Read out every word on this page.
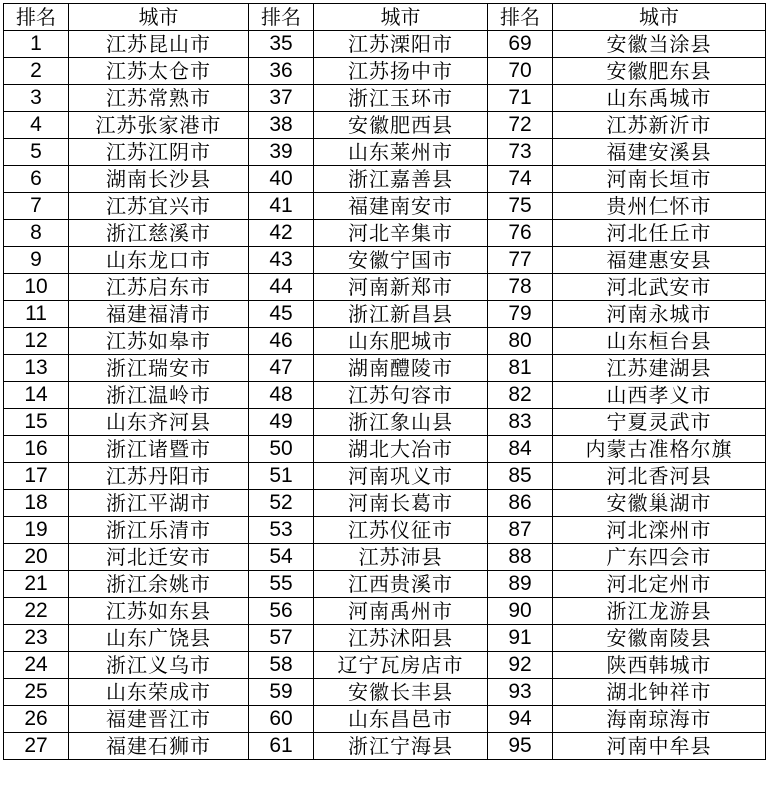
排名	城市	排名	城市	排名	城市
1	江苏昆山市	35	江苏溧阳市	69	安徽当涂县
2	江苏太仓市	36	江苏扬中市	70	安徽肥东县
3	江苏常熟市	37	浙江玉环市	71	山东禹城市
4	江苏张家港市	38	安徽肥西县	72	江苏新沂市
5	江苏江阴市	39	山东莱州市	73	福建安溪县
6	湖南长沙县	40	浙江嘉善县	74	河南长垣市
7	江苏宜兴市	41	福建南安市	75	贵州仁怀市
8	浙江慈溪市	42	河北辛集市	76	河北任丘市
9	山东龙口市	43	安徽宁国市	77	福建惠安县
10	江苏启东市	44	河南新郑市	78	河北武安市
11	福建福清市	45	浙江新昌县	79	河南永城市
12	江苏如皋市	46	山东肥城市	80	山东桓台县
13	浙江瑞安市	47	湖南醴陵市	81	江苏建湖县
14	浙江温岭市	48	江苏句容市	82	山西孝义市
15	山东齐河县	49	浙江象山县	83	宁夏灵武市
16	浙江诸暨市	50	湖北大冶市	84	内蒙古准格尔旗
17	江苏丹阳市	51	河南巩义市	85	河北香河县
18	浙江平湖市	52	河南长葛市	86	安徽巢湖市
19	浙江乐清市	53	江苏仪征市	87	河北滦州市
20	河北迁安市	54	江苏沛县	88	广东四会市
21	浙江余姚市	55	江西贵溪市	89	河北定州市
22	江苏如东县	56	河南禹州市	90	浙江龙游县
23	山东广饶县	57	江苏沭阳县	91	安徽南陵县
24	浙江义乌市	58	辽宁瓦房店市	92	陕西韩城市
25	山东荣成市	59	安徽长丰县	93	湖北钟祥市
26	福建晋江市	60	山东昌邑市	94	海南琼海市
27	福建石狮市	61	浙江宁海县	95	河南中牟县
